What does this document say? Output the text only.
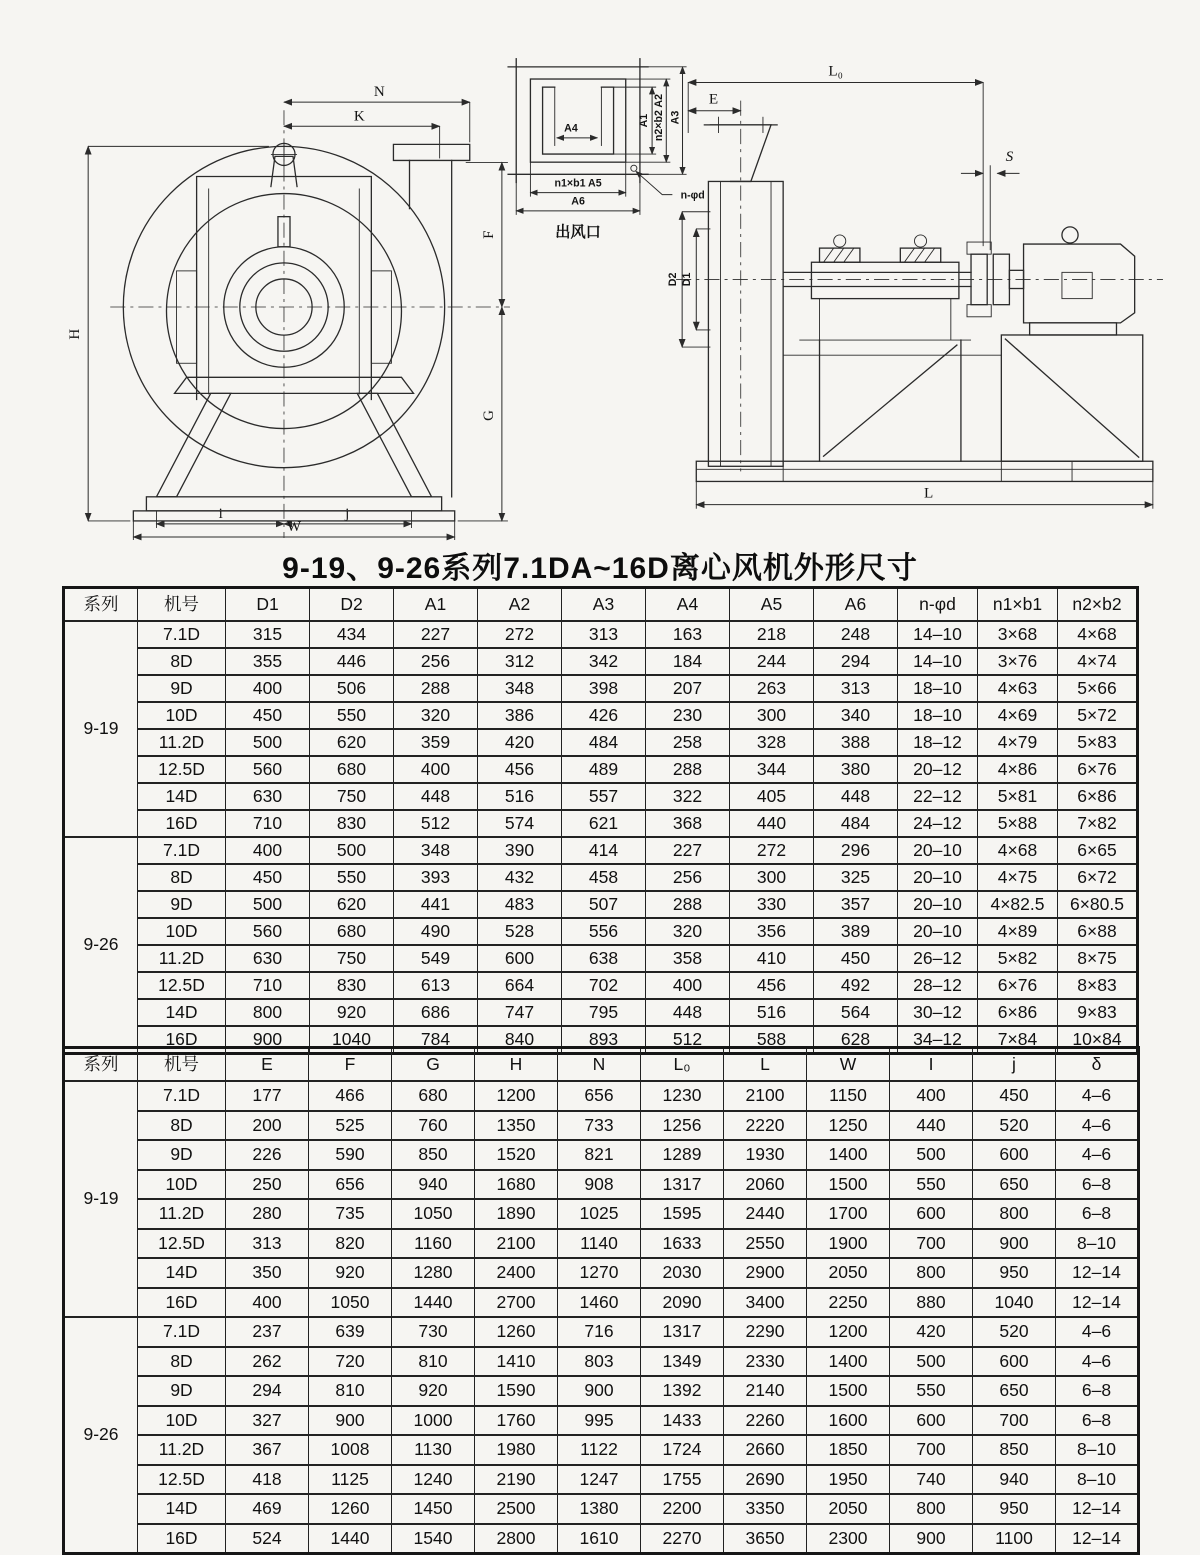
N
K
H
F
G
i	j
W
A4
A1 n2×b2 A2 A3
n1×b1 A5
A6
n-φd
出风口
L₀
E
D2 D1
S
L
9-19、9-26系列7.1DA~16D离心风机外形尺寸
系列	机号	D1	D2	A1	A2	A3	A4	A5	A6	n-φd	n1×b1	n2×b2
9-19	7.1D	315	434	227	272	313	163	218	248	14–10	3×68	4×68
	8D	355	446	256	312	342	184	244	294	14–10	3×76	4×74
	9D	400	506	288	348	398	207	263	313	18–10	4×63	5×66
	10D	450	550	320	386	426	230	300	340	18–10	4×69	5×72
	11.2D	500	620	359	420	484	258	328	388	18–12	4×79	5×83
	12.5D	560	680	400	456	489	288	344	380	20–12	4×86	6×76
	14D	630	750	448	516	557	322	405	448	22–12	5×81	6×86
	16D	710	830	512	574	621	368	440	484	24–12	5×88	7×82
9-26	7.1D	400	500	348	390	414	227	272	296	20–10	4×68	6×65
	8D	450	550	393	432	458	256	300	325	20–10	4×75	6×72
	9D	500	620	441	483	507	288	330	357	20–10	4×82.5	6×80.5
	10D	560	680	490	528	556	320	356	389	20–10	4×89	6×88
	11.2D	630	750	549	600	638	358	410	450	26–12	5×82	8×75
	12.5D	710	830	613	664	702	400	456	492	28–12	6×76	8×83
	14D	800	920	686	747	795	448	516	564	30–12	6×86	9×83
	16D	900	1040	784	840	893	512	588	628	34–12	7×84	10×84
系列	机号	E	F	G	H	N	L₀	L	W	I	j	δ
9-19	7.1D	177	466	680	1200	656	1230	2100	1150	400	450	4–6
	8D	200	525	760	1350	733	1256	2220	1250	440	520	4–6
	9D	226	590	850	1520	821	1289	1930	1400	500	600	4–6
	10D	250	656	940	1680	908	1317	2060	1500	550	650	6–8
	11.2D	280	735	1050	1890	1025	1595	2440	1700	600	800	6–8
	12.5D	313	820	1160	2100	1140	1633	2550	1900	700	900	8–10
	14D	350	920	1280	2400	1270	2030	2900	2050	800	950	12–14
	16D	400	1050	1440	2700	1460	2090	3400	2250	880	1040	12–14
9-26	7.1D	237	639	730	1260	716	1317	2290	1200	420	520	4–6
	8D	262	720	810	1410	803	1349	2330	1400	500	600	4–6
	9D	294	810	920	1590	900	1392	2140	1500	550	650	6–8
	10D	327	900	1000	1760	995	1433	2260	1600	600	700	6–8
	11.2D	367	1008	1130	1980	1122	1724	2660	1850	700	850	8–10
	12.5D	418	1125	1240	2190	1247	1755	2690	1950	740	940	8–10
	14D	469	1260	1450	2500	1380	2200	3350	2050	800	950	12–14
	16D	524	1440	1540	2800	1610	2270	3650	2300	900	1100	12–14
